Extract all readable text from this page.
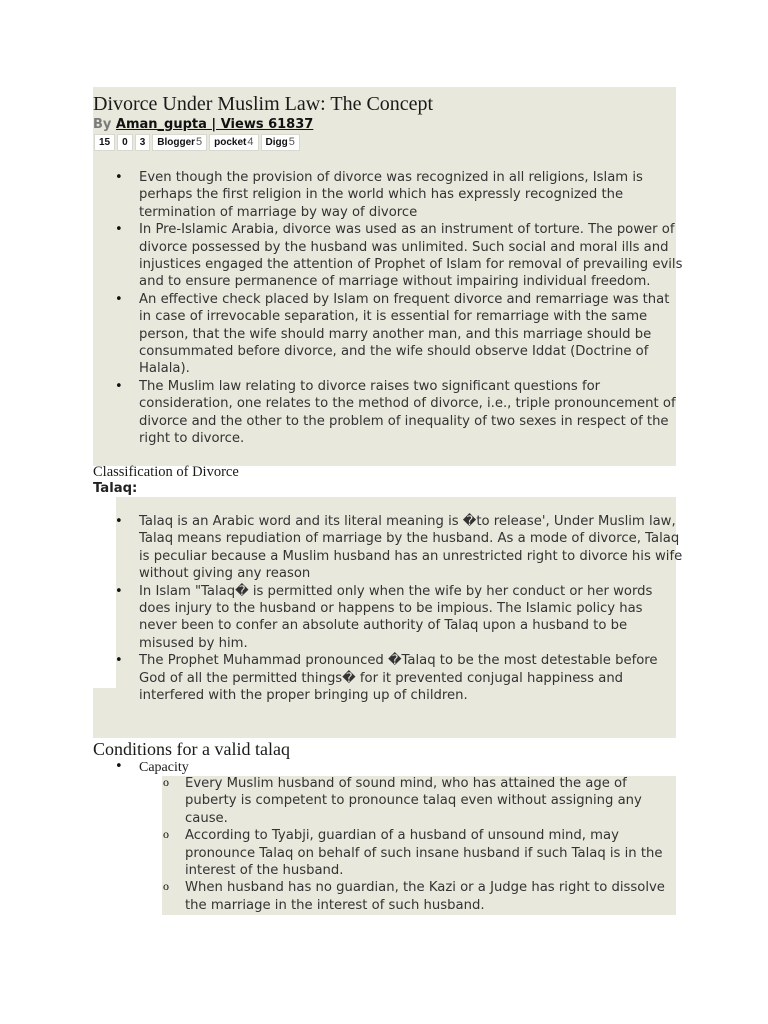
Divorce Under Muslim Law: The Concept
By Aman_gupta | Views 61837
15 0 3 Blogger 5 pocket 4 Digg 5
• Even though the provision of divorce was recognized in all religions, Islam is perhaps the first religion in the world which has expressly recognized the termination of marriage by way of divorce
• In Pre-Islamic Arabia, divorce was used as an instrument of torture. The power of divorce possessed by the husband was unlimited. Such social and moral ills and injustices engaged the attention of Prophet of Islam for removal of prevailing evils and to ensure permanence of marriage without impairing individual freedom.
• An effective check placed by Islam on frequent divorce and remarriage was that in case of irrevocable separation, it is essential for remarriage with the same person, that the wife should marry another man, and this marriage should be consummated before divorce, and the wife should observe Iddat (Doctrine of Halala).
• The Muslim law relating to divorce raises two significant questions for consideration, one relates to the method of divorce, i.e., triple pronouncement of divorce and the other to the problem of inequality of two sexes in respect of the right to divorce.
Classification of Divorce
Talaq:
• Talaq is an Arabic word and its literal meaning is �to release', Under Muslim law, Talaq means repudiation of marriage by the husband. As a mode of divorce, Talaq is peculiar because a Muslim husband has an unrestricted right to divorce his wife without giving any reason
• In Islam "Talaq� is permitted only when the wife by her conduct or her words does injury to the husband or happens to be impious. The Islamic policy has never been to confer an absolute authority of Talaq upon a husband to be misused by him.
• The Prophet Muhammad pronounced �Talaq to be the most detestable before God of all the permitted things� for it prevented conjugal happiness and interfered with the proper bringing up of children.
Conditions for a valid talaq
• Capacity
o Every Muslim husband of sound mind, who has attained the age of puberty is competent to pronounce talaq even without assigning any cause.
o According to Tyabji, guardian of a husband of unsound mind, may pronounce Talaq on behalf of such insane husband if such Talaq is in the interest of the husband.
o When husband has no guardian, the Kazi or a Judge has right to dissolve the marriage in the interest of such husband.
